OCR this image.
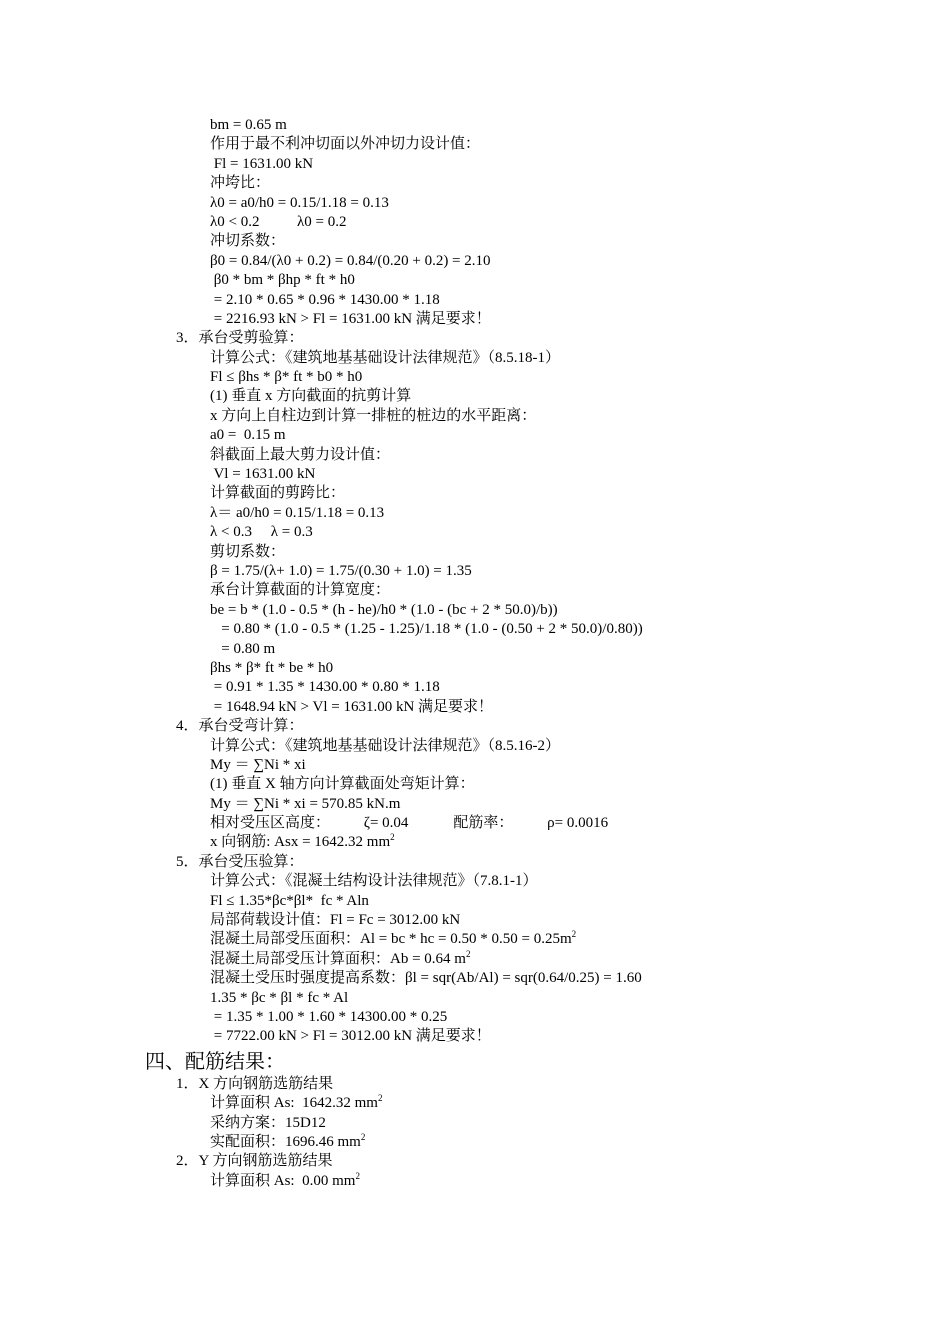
bm = 0.65 m
作用于最不利冲切面以外冲切力设计值：
Fl = 1631.00 kN
冲垮比：
λ0 = a0/h0 = 0.15/1.18 = 0.13
λ0 < 0.2          λ0 = 0.2
冲切系数：
β0 = 0.84/(λ0 + 0.2) = 0.84/(0.20 + 0.2) = 2.10
β0 * bm * βhp * ft * h0
= 2.10 * 0.65 * 0.96 * 1430.00 * 1.18
= 2216.93 kN > Fl = 1631.00 kN 满足要求！
3．承台受剪验算：
计算公式：《建筑地基基础设计法律规范》（8.5.18-1）
Fl ≤ βhs * β* ft * b0 * h0
(1) 垂直 x 方向截面的抗剪计算
x 方向上自柱边到计算一排桩的桩边的水平距离：
a0 =  0.15 m
斜截面上最大剪力设计值：
Vl = 1631.00 kN
计算截面的剪跨比：
λ＝ a0/h0 = 0.15/1.18 = 0.13
λ < 0.3     λ = 0.3
剪切系数：
β = 1.75/(λ+ 1.0) = 1.75/(0.30 + 1.0) = 1.35
承台计算截面的计算宽度：
be = b * (1.0 - 0.5 * (h - he)/h0 * (1.0 - (bc + 2 * 50.0)/b))
= 0.80 * (1.0 - 0.5 * (1.25 - 1.25)/1.18 * (1.0 - (0.50 + 2 * 50.0)/0.80))
= 0.80 m
βhs * β* ft * be * h0
= 0.91 * 1.35 * 1430.00 * 0.80 * 1.18
= 1648.94 kN > Vl = 1631.00 kN 满足要求！
4．承台受弯计算：
计算公式：《建筑地基基础设计法律规范》（8.5.16-2）
My ＝ ∑Ni * xi
(1) 垂直 X 轴方向计算截面处弯矩计算：
My ＝ ∑Ni * xi = 570.85 kN.m
相对受压区高度：         ζ= 0.04            配筋率：         ρ= 0.0016
x 向钢筋: Asx = 1642.32 $mm^2$
5．承台受压验算：
计算公式：《混凝土结构设计法律规范》（7.8.1-1）
Fl ≤ 1.35*βc*βl*  fc * Aln
局部荷载设计值：Fl = Fc = 3012.00 kN
混凝土局部受压面积：Al = bc * hc = $0.50 * 0.50 = 0.25m^2$
混凝土局部受压计算面积：Ab = 0.64 $m^2$
混凝土受压时强度提高系数：βl = sqr(Ab/Al) = sqr(0.64/0.25) = 1.60
1.35 * βc * βl * fc * Al
= 1.35 * 1.00 * 1.60 * 14300.00 * 0.25
= 7722.00 kN > Fl = 3012.00 kN 满足要求！
四、配筋结果：
1．X 方向钢筋选筋结果
计算面积 As:  1642.32 $mm^2$
采纳方案：15D12
实配面积：1696.46 $mm^2$
2．Y 方向钢筋选筋结果
计算面积 As:  0.00 $mm^2$
